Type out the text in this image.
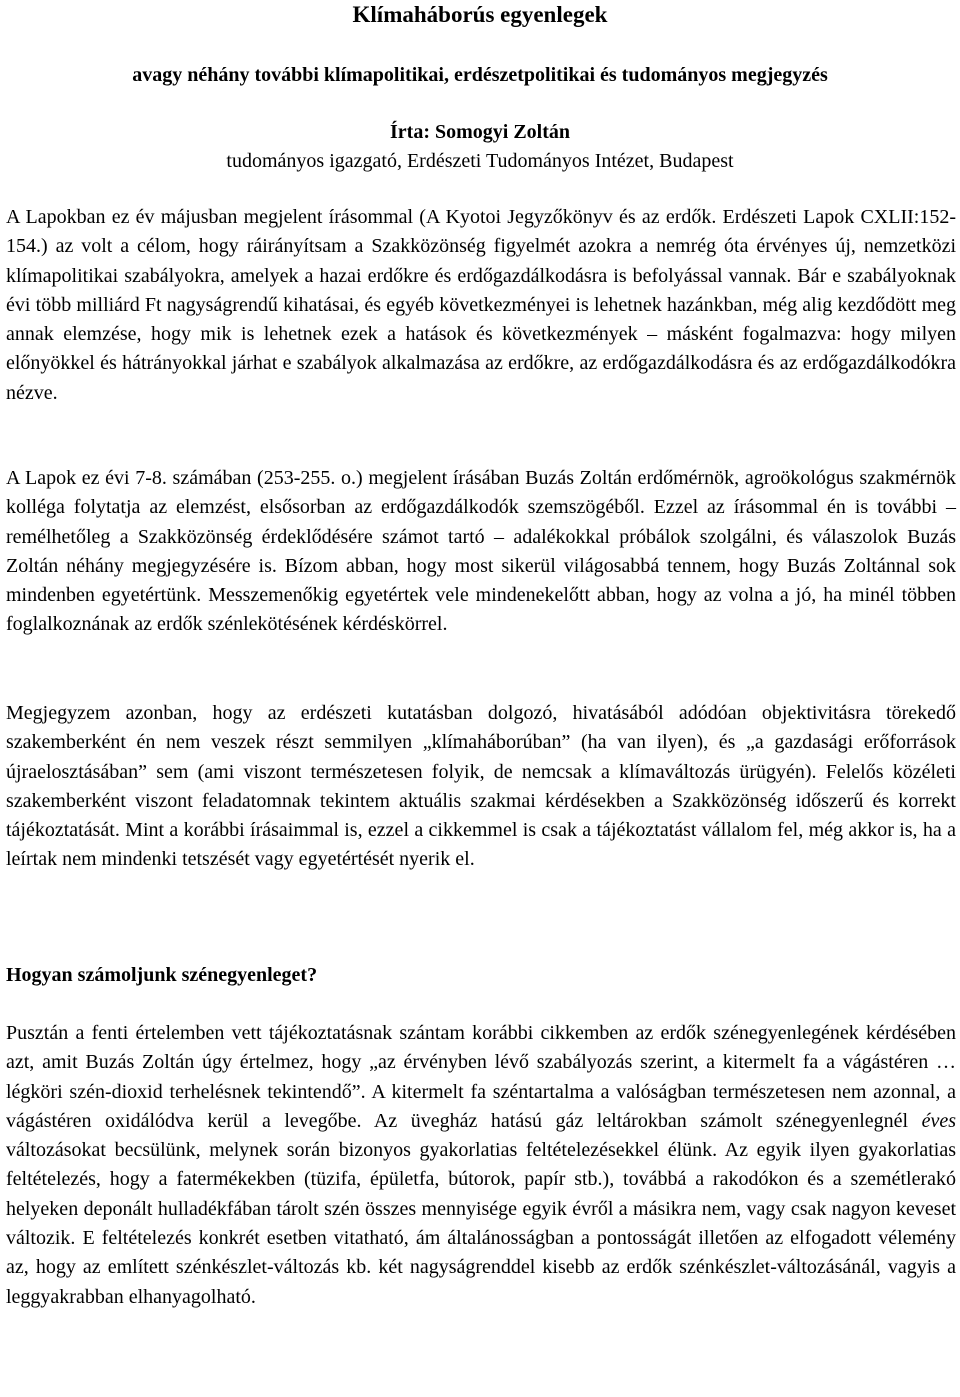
Klímaháborús egyenlegek
avagy néhány további klímapolitikai, erdészetpolitikai és tudományos megjegyzés

Írta: Somogyi Zoltán

tudományos igazgató, Erdészeti Tudományos Intézet, Budapest

A Lapokban ez év májusban megjelent írásommal (A Kyotoi Jegyzőkönyv és az erdők. Erdészeti Lapok CXLII:152-154.) az volt a célom, hogy ráirányítsam a Szakközönség figyelmét azokra a nemrég óta érvényes új, nemzetközi klímapolitikai szabályokra, amelyek a hazai erdőkre és erdőgazdálkodásra is befolyással vannak. Bár e szabályoknak évi több milliárd Ft nagyságrendű kihatásai, és egyéb következményei is lehetnek hazánkban, még alig kezdődött meg annak elemzése, hogy mik is lehetnek ezek a hatások és következmények – másként fogalmazva: hogy milyen előnyökkel és hátrányokkal járhat e szabályok alkalmazása az erdőkre, az erdőgazdálkodásra és az erdőgazdálkodókra nézve.

A Lapok ez évi 7-8. számában (253-255. o.) megjelent írásában Buzás Zoltán erdőmérnök, agroökológus szakmérnök kolléga folytatja az elemzést, elsősorban az erdőgazdálkodók szemszögéből. Ezzel az írásommal én is további – remélhetőleg a Szakközönség érdeklődésére számot tartó – adalékokkal próbálok szolgálni, és válaszolok Buzás Zoltán néhány megjegyzésére is. Bízom abban, hogy most sikerül világosabbá tennem, hogy Buzás Zoltánnal sok mindenben egyetértünk. Messzemenőkig egyetértek vele mindenekelőtt abban, hogy az volna a jó, ha minél többen foglalkoznának az erdők szénlekötésének kérdéskörrel.

Megjegyzem azonban, hogy az erdészeti kutatásban dolgozó, hivatásából adódóan objektivitásra törekedő szakemberként én nem veszek részt semmilyen „klímaháborúban” (ha van ilyen), és „a gazdasági erőforrások újraelosztásában” sem (ami viszont természetesen folyik, de nemcsak a klímaváltozás ürügyén). Felelős közéleti szakemberként viszont feladatomnak tekintem aktuális szakmai kérdésekben a Szakközönség időszerű és korrekt tájékoztatását. Mint a korábbi írásaimmal is, ezzel a cikkemmel is csak a tájékoztatást vállalom fel, még akkor is, ha a leírtak nem mindenki tetszését vagy egyetértését nyerik el.

Hogyan számoljunk szénegyenleget?

Pusztán a fenti értelemben vett tájékoztatásnak szántam korábbi cikkemben az erdők szénegyenlegének kérdésében azt, amit Buzás Zoltán úgy értelmez, hogy „az érvényben lévő szabályozás szerint, a kitermelt fa a vágástéren … légköri szén-dioxid terhelésnek tekintendő”. A kitermelt fa széntartalma a valóságban természetesen nem azonnal, a vágástéren oxidálódva kerül a levegőbe. Az üvegház hatású gáz leltárokban számolt szénegyenlegnél éves változásokat becsülünk, melynek során bizonyos gyakorlatias feltételezésekkel élünk. Az egyik ilyen gyakorlatias feltételezés, hogy a fatermékekben (tüzifa, épületfa, bútorok, papír stb.), továbbá a rakodókon és a szemétlerakó helyeken deponált hulladékfában tárolt szén összes mennyisége egyik évről a másikra nem, vagy csak nagyon keveset változik. E feltételezés konkrét esetben vitatható, ám általánosságban a pontosságát illetően az elfogadott vélemény az, hogy az említett szénkészlet-változás kb. két nagyságrenddel kisebb az erdők szénkészlet-változásánál, vagyis a leggyakrabban elhanyagolható.
